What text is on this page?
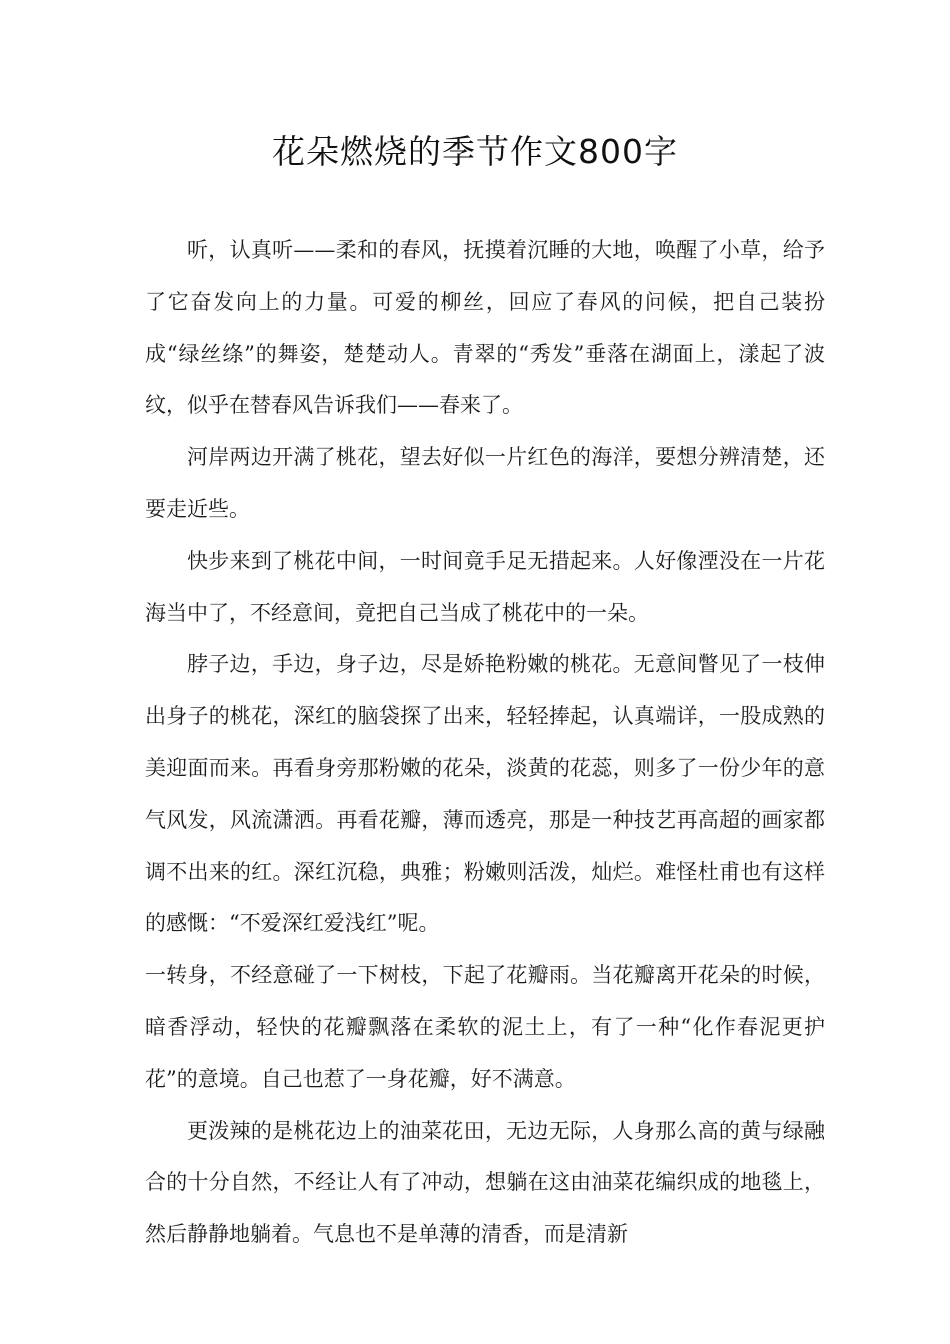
花朵燃烧的季节作文800字

听，认真听——柔和的春风，抚摸着沉睡的大地，唤醒了小草，给予了它奋发向上的力量。可爱的柳丝，回应了春风的问候，把自己装扮成“绿丝绦”的舞姿，楚楚动人。青翠的“秀发”垂落在湖面上，漾起了波纹，似乎在替春风告诉我们——春来了。

河岸两边开满了桃花，望去好似一片红色的海洋，要想分辨清楚，还要走近些。

快步来到了桃花中间，一时间竟手足无措起来。人好像湮没在一片花海当中了，不经意间，竟把自己当成了桃花中的一朵。

脖子边，手边，身子边，尽是娇艳粉嫩的桃花。无意间瞥见了一枝伸出身子的桃花，深红的脑袋探了出来，轻轻捧起，认真端详，一股成熟的美迎面而来。再看身旁那粉嫩的花朵，淡黄的花蕊，则多了一份少年的意气风发，风流潇洒。再看花瓣，薄而透亮，那是一种技艺再高超的画家都调不出来的红。深红沉稳，典雅；粉嫩则活泼，灿烂。难怪杜甫也有这样的感慨：“不爱深红爱浅红”呢。

一转身，不经意碰了一下树枝，下起了花瓣雨。当花瓣离开花朵的时候，暗香浮动，轻快的花瓣飘落在柔软的泥土上，有了一种“化作春泥更护花”的意境。自己也惹了一身花瓣，好不满意。

更泼辣的是桃花边上的油菜花田，无边无际，人身那么高的黄与绿融合的十分自然，不经让人有了冲动，想躺在这由油菜花编织成的地毯上，然后静静地躺着。气息也不是单薄的清香，而是清新
